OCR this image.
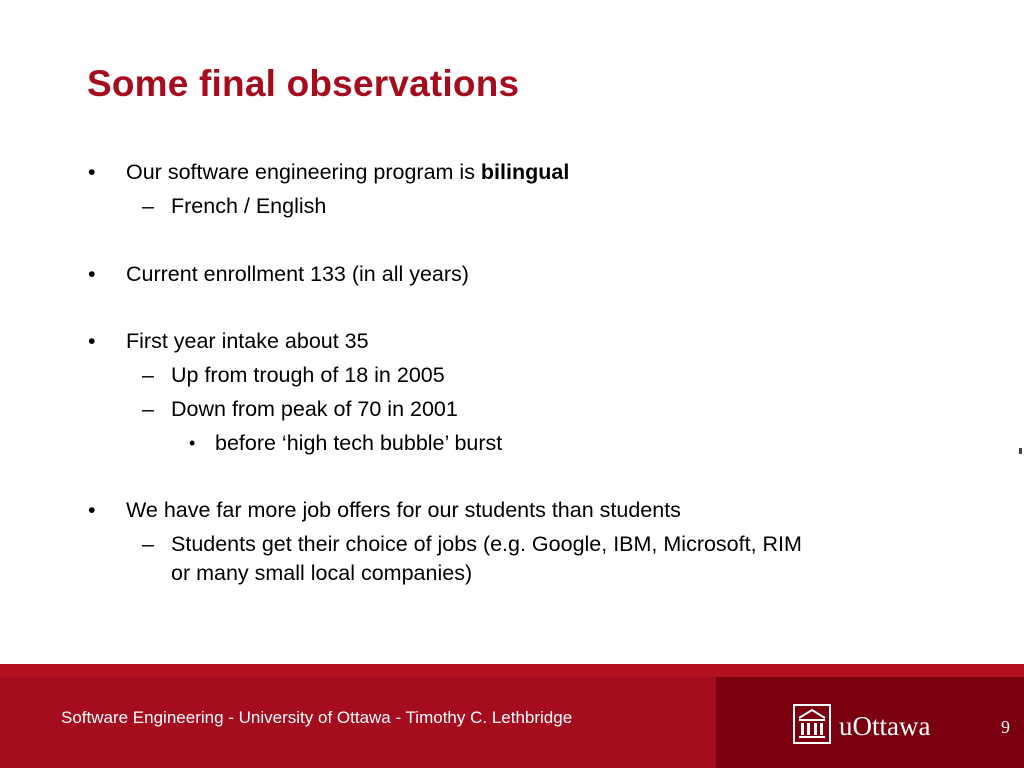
Some final observations
• Our software engineering program is bilingual
– French / English
• Current enrollment 133 (in all years)
• First year intake about 35
– Up from trough of 18 in 2005
– Down from peak of 70 in 2001
• before ‘high tech bubble’ burst
• We have far more job offers for our students than students
– Students get their choice of jobs (e.g. Google, IBM, Microsoft, RIM
or many small local companies)
Software Engineering - University of Ottawa - Timothy C. Lethbridge	uOttawa	9
